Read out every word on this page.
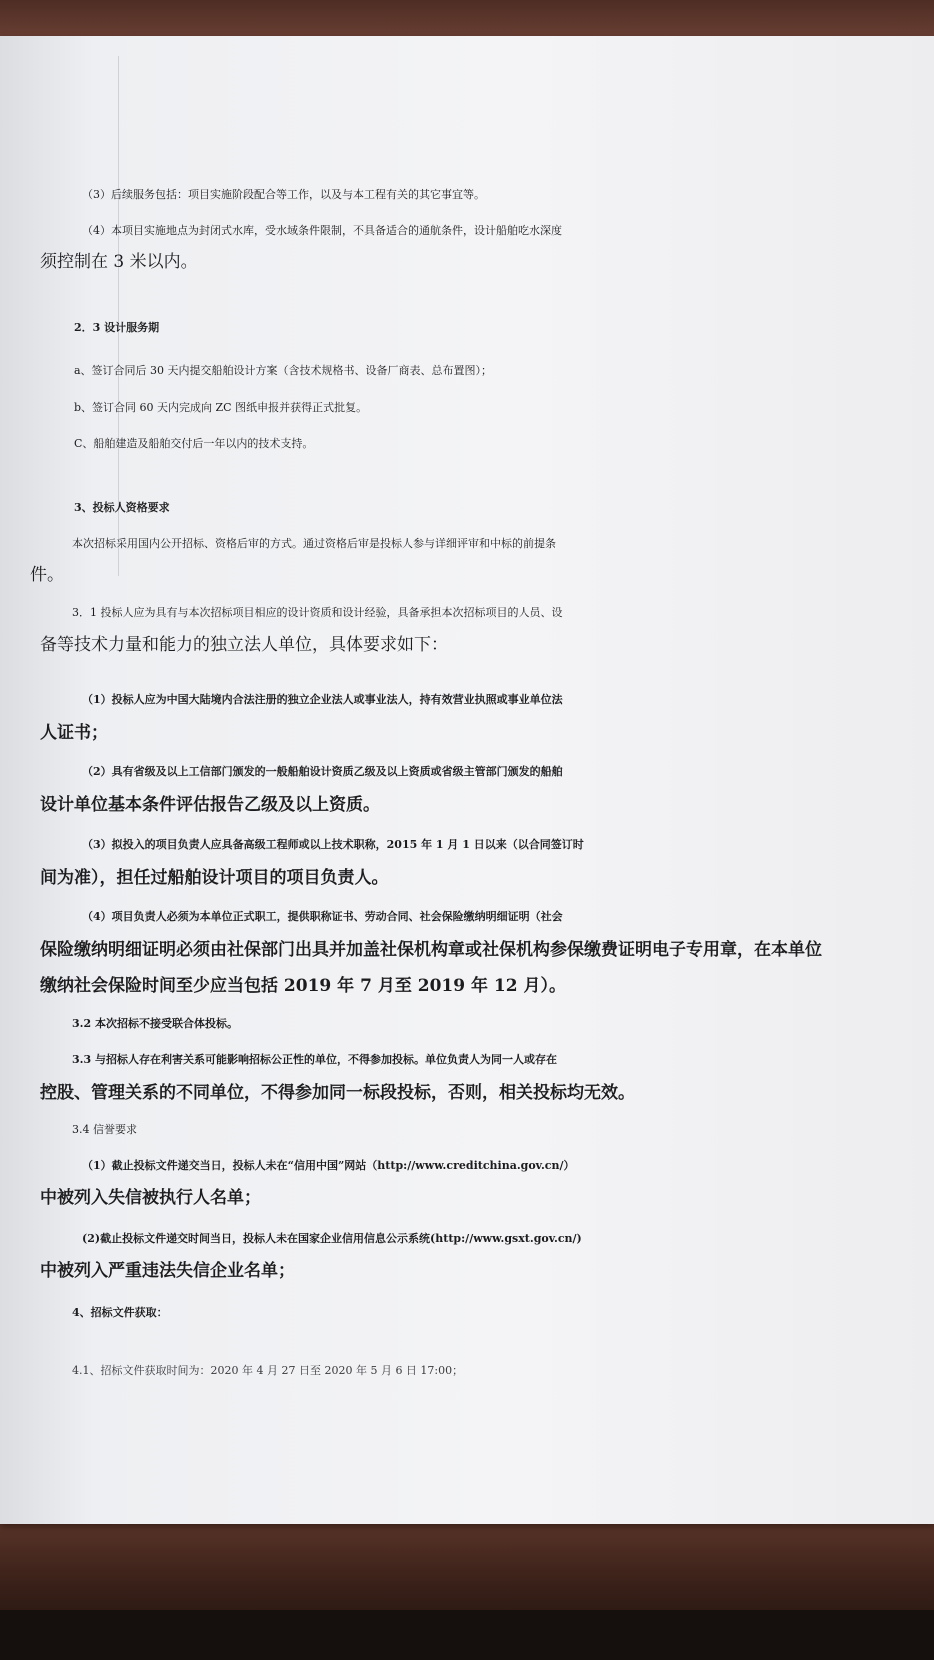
（3）后续服务包括：项目实施阶段配合等工作，以及与本工程有关的其它事宜等。
（4）本项目实施地点为封闭式水库，受水域条件限制，不具备适合的通航条件，设计船舶吃水深度
须控制在 3 米以内。
2．3 设计服务期
a、签订合同后 30 天内提交船舶设计方案（含技术规格书、设备厂商表、总布置图）；
b、签订合同 60 天内完成向 ZC 图纸申报并获得正式批复。
C、船舶建造及船舶交付后一年以内的技术支持。
3、投标人资格要求
本次招标采用国内公开招标、资格后审的方式。通过资格后审是投标人参与详细评审和中标的前提条
件。
3．1 投标人应为具有与本次招标项目相应的设计资质和设计经验，具备承担本次招标项目的人员、设
备等技术力量和能力的独立法人单位，具体要求如下：
（1）投标人应为中国大陆境内合法注册的独立企业法人或事业法人，持有效营业执照或事业单位法
人证书；
（2）具有省级及以上工信部门颁发的一般船舶设计资质乙级及以上资质或省级主管部门颁发的船舶
设计单位基本条件评估报告乙级及以上资质。
（3）拟投入的项目负责人应具备高级工程师或以上技术职称，2015 年 1 月 1 日以来（以合同签订时
间为准），担任过船舶设计项目的项目负责人。
（4）项目负责人必须为本单位正式职工，提供职称证书、劳动合同、社会保险缴纳明细证明（社会
保险缴纳明细证明必须由社保部门出具并加盖社保机构章或社保机构参保缴费证明电子专用章，在本单位
缴纳社会保险时间至少应当包括 2019 年 7 月至 2019 年 12 月）。
3.2 本次招标不接受联合体投标。
3.3 与招标人存在利害关系可能影响招标公正性的单位，不得参加投标。单位负责人为同一人或存在
控股、管理关系的不同单位，不得参加同一标段投标，否则，相关投标均无效。
3.4 信誉要求
（1）截止投标文件递交当日，投标人未在“信用中国”网站（http://www.creditchina.gov.cn/）
中被列入失信被执行人名单；
(2)截止投标文件递交时间当日，投标人未在国家企业信用信息公示系统(http://www.gsxt.gov.cn/)
中被列入严重违法失信企业名单；
4、招标文件获取：
4.1、招标文件获取时间为：2020 年 4 月 27 日至 2020 年 5 月 6 日 17:00；
